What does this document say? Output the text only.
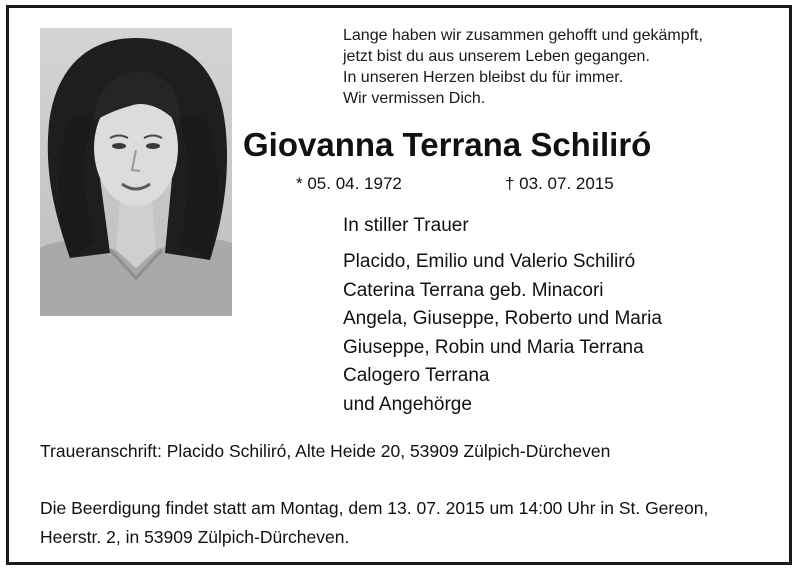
Lange haben wir zusammen gehofft und gekämpft,
jetzt bist du aus unserem Leben gegangen.
In unseren Herzen bleibst du für immer.
Wir vermissen Dich.
Giovanna Terrana Schiliró
* 05. 04. 1972	† 03. 07. 2015
In stiller Trauer
Placido, Emilio und Valerio Schiliró
Caterina Terrana geb. Minacori
Angela, Giuseppe, Roberto und Maria
Giuseppe, Robin und Maria Terrana
Calogero Terrana
und Angehörge
Traueranschrift: Placido Schiliró, Alte Heide 20, 53909 Zülpich-Dürcheven
Die Beerdigung findet statt am Montag, dem 13. 07. 2015 um 14:00 Uhr in St. Gereon,
Heerstr. 2, in 53909 Zülpich-Dürcheven.
